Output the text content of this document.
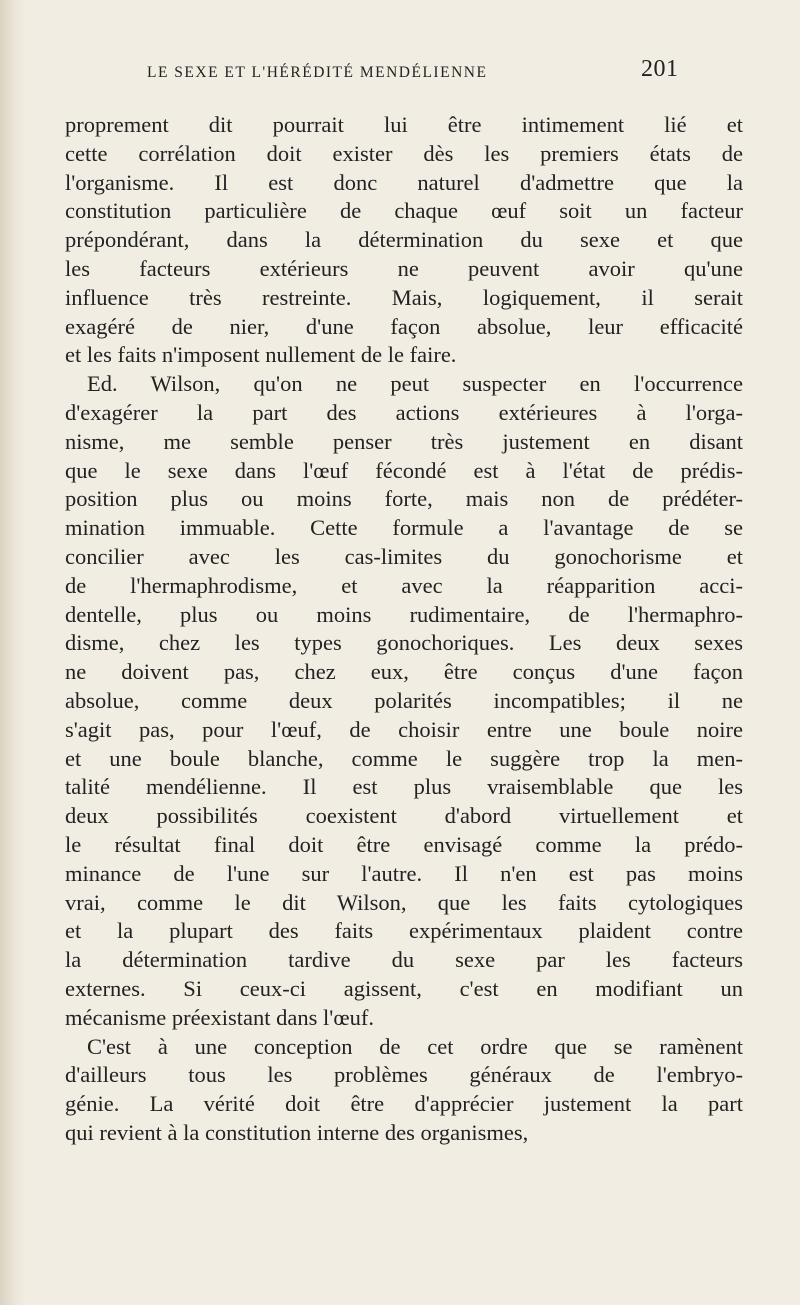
LE SEXE ET L'HÉRÉDITÉ MENDÉLIENNE	201
proprement dit pourrait lui être intimement lié et
cette corrélation doit exister dès les premiers états de
l'organisme. Il est donc naturel d'admettre que la
constitution particulière de chaque œuf soit un facteur
prépondérant, dans la détermination du sexe et que
les facteurs extérieurs ne peuvent avoir qu'une
influence très restreinte. Mais, logiquement, il serait
exagéré de nier, d'une façon absolue, leur efficacité
et les faits n'imposent nullement de le faire.
Ed. Wilson, qu'on ne peut suspecter en l'occurrence
d'exagérer la part des actions extérieures à l'orga-
nisme, me semble penser très justement en disant
que le sexe dans l'œuf fécondé est à l'état de prédis-
position plus ou moins forte, mais non de prédéter-
mination immuable. Cette formule a l'avantage de se
concilier avec les cas-limites du gonochorisme et
de l'hermaphrodisme, et avec la réapparition acci-
dentelle, plus ou moins rudimentaire, de l'hermaphro-
disme, chez les types gonochoriques. Les deux sexes
ne doivent pas, chez eux, être conçus d'une façon
absolue, comme deux polarités incompatibles; il ne
s'agit pas, pour l'œuf, de choisir entre une boule noire
et une boule blanche, comme le suggère trop la men-
talité mendélienne. Il est plus vraisemblable que les
deux possibilités coexistent d'abord virtuellement et
le résultat final doit être envisagé comme la prédo-
minance de l'une sur l'autre. Il n'en est pas moins
vrai, comme le dit Wilson, que les faits cytologiques
et la plupart des faits expérimentaux plaident contre
la détermination tardive du sexe par les facteurs
externes. Si ceux-ci agissent, c'est en modifiant un
mécanisme préexistant dans l'œuf.
C'est à une conception de cet ordre que se ramènent
d'ailleurs tous les problèmes généraux de l'embryo-
génie. La vérité doit être d'apprécier justement la part
qui revient à la constitution interne des organismes,
